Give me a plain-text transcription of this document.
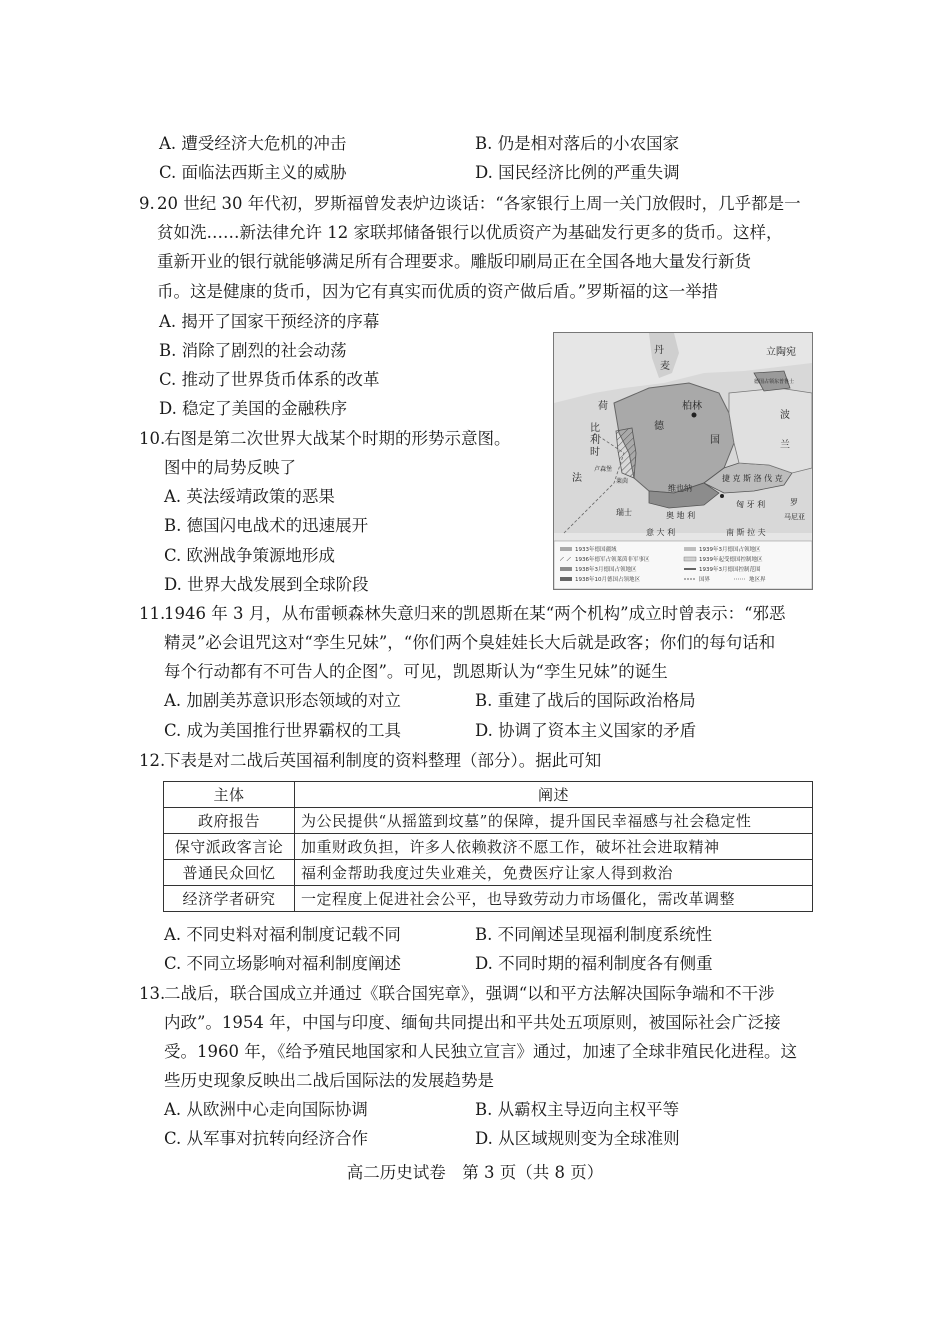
A. 遭受经济大危机的冲击	B. 仍是相对落后的小农国家
C. 面临法西斯主义的威胁	D. 国民经济比例的严重失调
9. 20 世纪 30 年代初，罗斯福曾发表炉边谈话：“各家银行上周一关门放假时，几乎都是一
贫如洗……新法律允许 12 家联邦储备银行以优质资产为基础发行更多的货币。这样，
重新开业的银行就能够满足所有合理要求。雕版印刷局正在全国各地大量发行新货
币。这是健康的货币，因为它有真实而优质的资产做后盾。”罗斯福的这一举措
A. 揭开了国家干预经济的序幕
B. 消除了剧烈的社会动荡
C. 推动了世界货币体系的改革
D. 稳定了美国的金融秩序
10.
右图是第二次世界大战某个时期的形势示意图。
图中的局势反映了
A. 英法绥靖政策的恶果
B. 德国闪电战术的迅速展开
C. 欧洲战争策源地形成
D. 世界大战发展到全球阶段
丹
麦
立陶宛
德国占领东普鲁士
柏林
荷
德
国
比
利
时
波
兰
卢森堡
莱茵
法	捷 克 斯 洛 伐 克
维也纳
瑞士	奥 地 利
匈 牙 利	罗
马尼亚
意 大 利	南 斯 拉 夫
1933年德国疆域
1936年德军占领莱茵非军事区
1938年3月德国占领地区
1938年10月德国占领地区
1939年3月德国占领地区
1939年起受德国控制地区
1939年3月德国控制范围
国界	地区界
11.
1946 年 3 月，从布雷顿森林失意归来的凯恩斯在某“两个机构”成立时曾表示：“邪恶
精灵”必会诅咒这对“孪生兄妹”，“你们两个臭娃娃长大后就是政客；你们的每句话和
每个行动都有不可告人的企图”。可见，凯恩斯认为“孪生兄妹”的诞生
A. 加剧美苏意识形态领域的对立	B. 重建了战后的国际政治格局
C. 成为美国推行世界霸权的工具	D. 协调了资本主义国家的矛盾
12.
下表是对二战后英国福利制度的资料整理（部分）。据此可知
主体	阐述
政府报告	为公民提供“从摇篮到坟墓”的保障，提升国民幸福感与社会稳定性
保守派政客言论	加重财政负担，许多人依赖救济不愿工作，破坏社会进取精神
普通民众回忆	福利金帮助我度过失业难关，免费医疗让家人得到救治
经济学者研究	一定程度上促进社会公平，也导致劳动力市场僵化，需改革调整
A. 不同史料对福利制度记载不同	B. 不同阐述呈现福利制度系统性
C. 不同立场影响对福利制度阐述	D. 不同时期的福利制度各有侧重
13.
二战后，联合国成立并通过《联合国宪章》，强调“以和平方法解决国际争端和不干涉
内政”。1954 年，中国与印度、缅甸共同提出和平共处五项原则，被国际社会广泛接
受。1960 年，《给予殖民地国家和人民独立宣言》通过，加速了全球非殖民化进程。这
些历史现象反映出二战后国际法的发展趋势是
A. 从欧洲中心走向国际协调	B. 从霸权主导迈向主权平等
C. 从军事对抗转向经济合作	D. 从区域规则变为全球准则
高二历史试卷　第 3 页（共 8 页）
